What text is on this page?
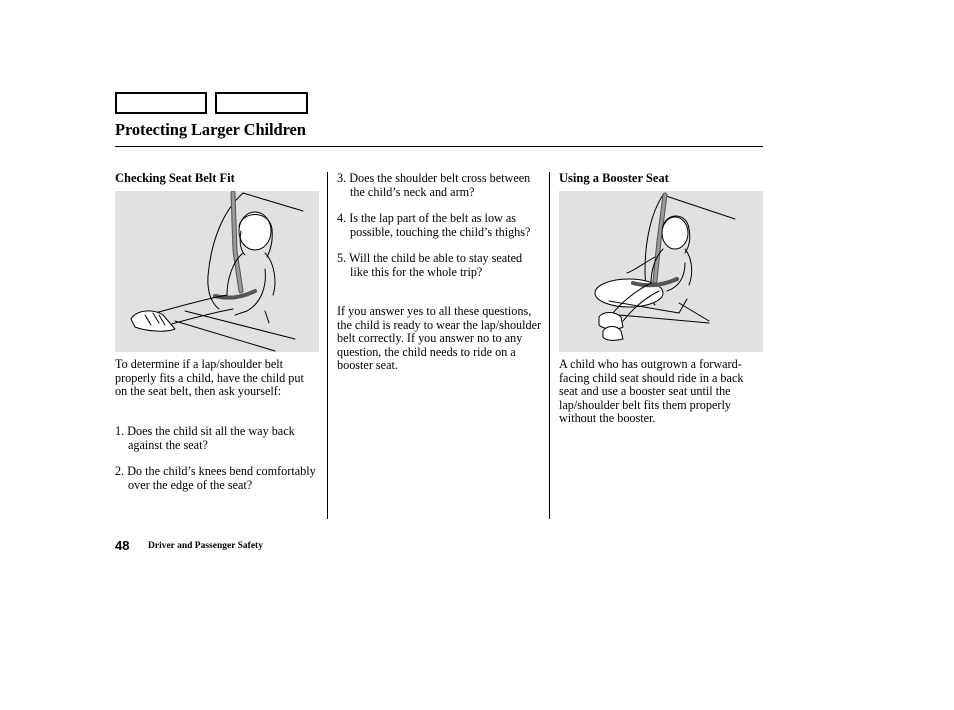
Protecting Larger Children
Checking Seat Belt Fit

To determine if a lap/shoulder belt properly fits a child, have the child put on the seat belt, then ask yourself:

1. Does the child sit all the way back against the seat?
2. Do the child’s knees bend comfortably over the edge of the seat?
3. Does the shoulder belt cross between the child’s neck and arm?
4. Is the lap part of the belt as low as possible, touching the child’s thighs?
5. Will the child be able to stay seated like this for the whole trip?

If you answer yes to all these questions, the child is ready to wear the lap/shoulder belt correctly. If you answer no to any question, the child needs to ride on a booster seat.

Using a Booster Seat

A child who has outgrown a forward-facing child seat should ride in a back seat and use a booster seat until the lap/shoulder belt fits them properly without the booster.

48 Driver and Passenger Safety
